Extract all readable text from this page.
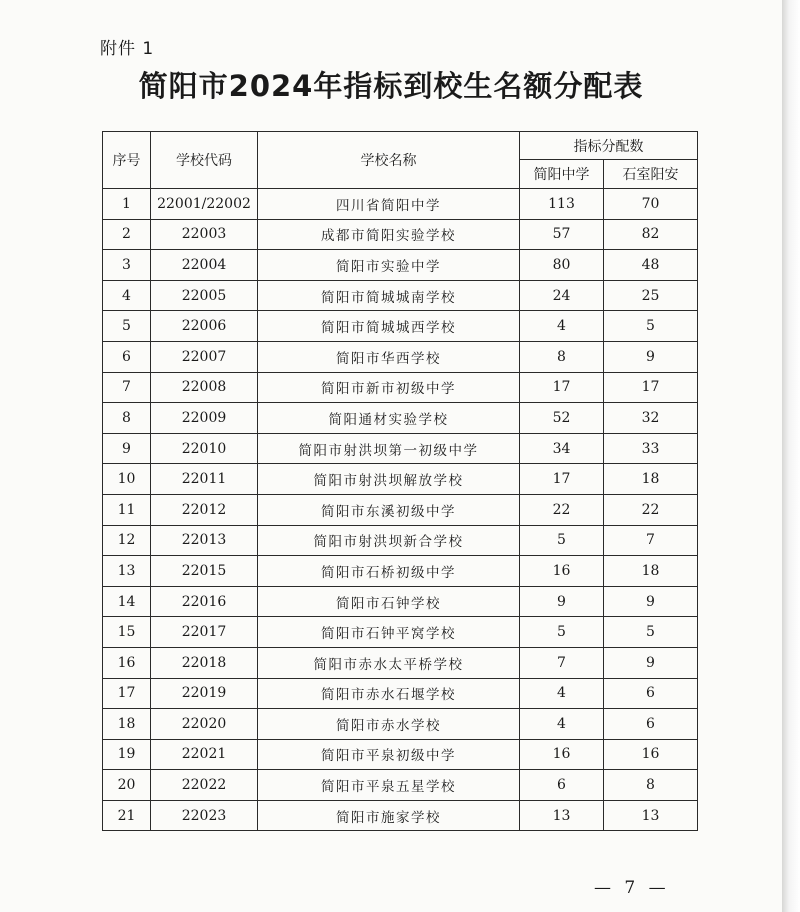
附件 1
简阳市2024年指标到校生名额分配表
序号	学校代码	学校名称	指标分配数	
			简阳中学	石室阳安
1	22001/22002	四川省简阳中学	113	70
2	22003	成都市简阳实验学校	57	82
3	22004	简阳市实验中学	80	48
4	22005	简阳市简城城南学校	24	25
5	22006	简阳市简城城西学校	4	5
6	22007	简阳市华西学校	8	9
7	22008	简阳市新市初级中学	17	17
8	22009	简阳通材实验学校	52	32
9	22010	简阳市射洪坝第一初级中学	34	33
10	22011	简阳市射洪坝解放学校	17	18
11	22012	简阳市东溪初级中学	22	22
12	22013	简阳市射洪坝新合学校	5	7
13	22015	简阳市石桥初级中学	16	18
14	22016	简阳市石钟学校	9	9
15	22017	简阳市石钟平窝学校	5	5
16	22018	简阳市赤水太平桥学校	7	9
17	22019	简阳市赤水石堰学校	4	6
18	22020	简阳市赤水学校	4	6
19	22021	简阳市平泉初级中学	16	16
20	22022	简阳市平泉五星学校	6	8
21	22023	简阳市施家学校	13	13
— 7 —
